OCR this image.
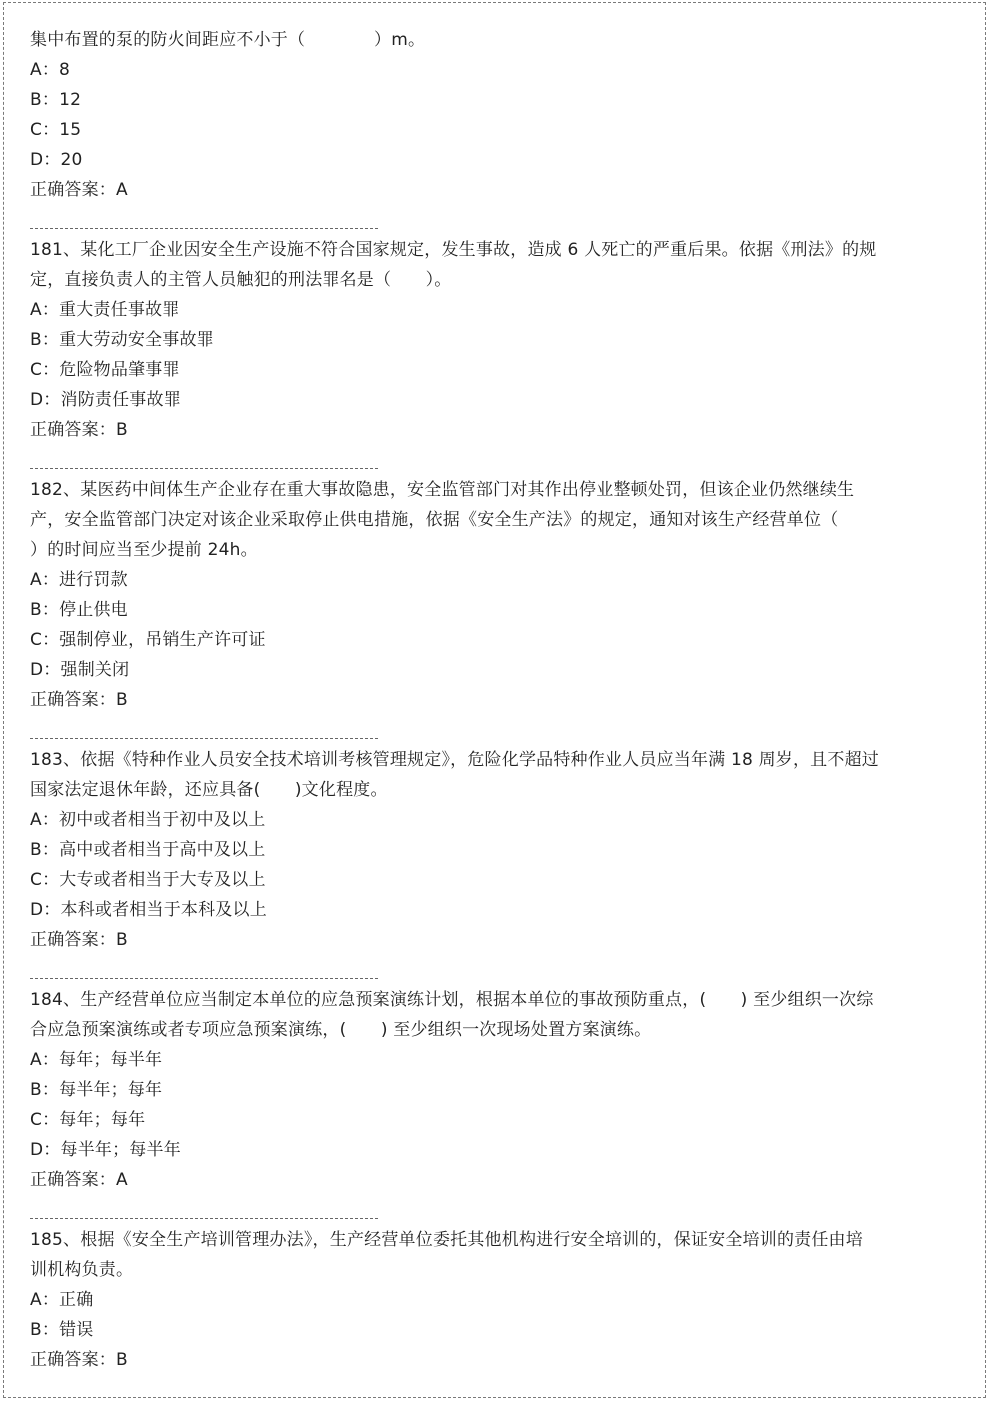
集中布置的泵的防火间距应不小于（　　　　）m。
A：8
B：12
C：15
D：20
正确答案：A
181、某化工厂企业因安全生产设施不符合国家规定，发生事故，造成 6 人死亡的严重后果。依据《刑法》的规定，直接负责人的主管人员触犯的刑法罪名是（　　）。
A：重大责任事故罪
B：重大劳动安全事故罪
C：危险物品肇事罪
D：消防责任事故罪
正确答案：B
182、某医药中间体生产企业存在重大事故隐患，安全监管部门对其作出停业整顿处罚，但该企业仍然继续生产，安全监管部门决定对该企业采取停止供电措施，依据《安全生产法》的规定，通知对该生产经营单位（　　）的时间应当至少提前 24h。
A：进行罚款
B：停止供电
C：强制停业，吊销生产许可证
D：强制关闭
正确答案：B
183、依据《特种作业人员安全技术培训考核管理规定》，危险化学品特种作业人员应当年满 18 周岁，且不超过国家法定退休年龄，还应具备(　　)文化程度。
A：初中或者相当于初中及以上
B：高中或者相当于高中及以上
C：大专或者相当于大专及以上
D：本科或者相当于本科及以上
正确答案：B
184、生产经营单位应当制定本单位的应急预案演练计划，根据本单位的事故预防重点，(　　) 至少组织一次综合应急预案演练或者专项应急预案演练，(　　) 至少组织一次现场处置方案演练。
A：每年；每半年
B：每半年；每年
C：每年；每年
D：每半年；每半年
正确答案：A
185、根据《安全生产培训管理办法》，生产经营单位委托其他机构进行安全培训的，保证安全培训的责任由培训机构负责。
A：正确
B：错误
正确答案：B
